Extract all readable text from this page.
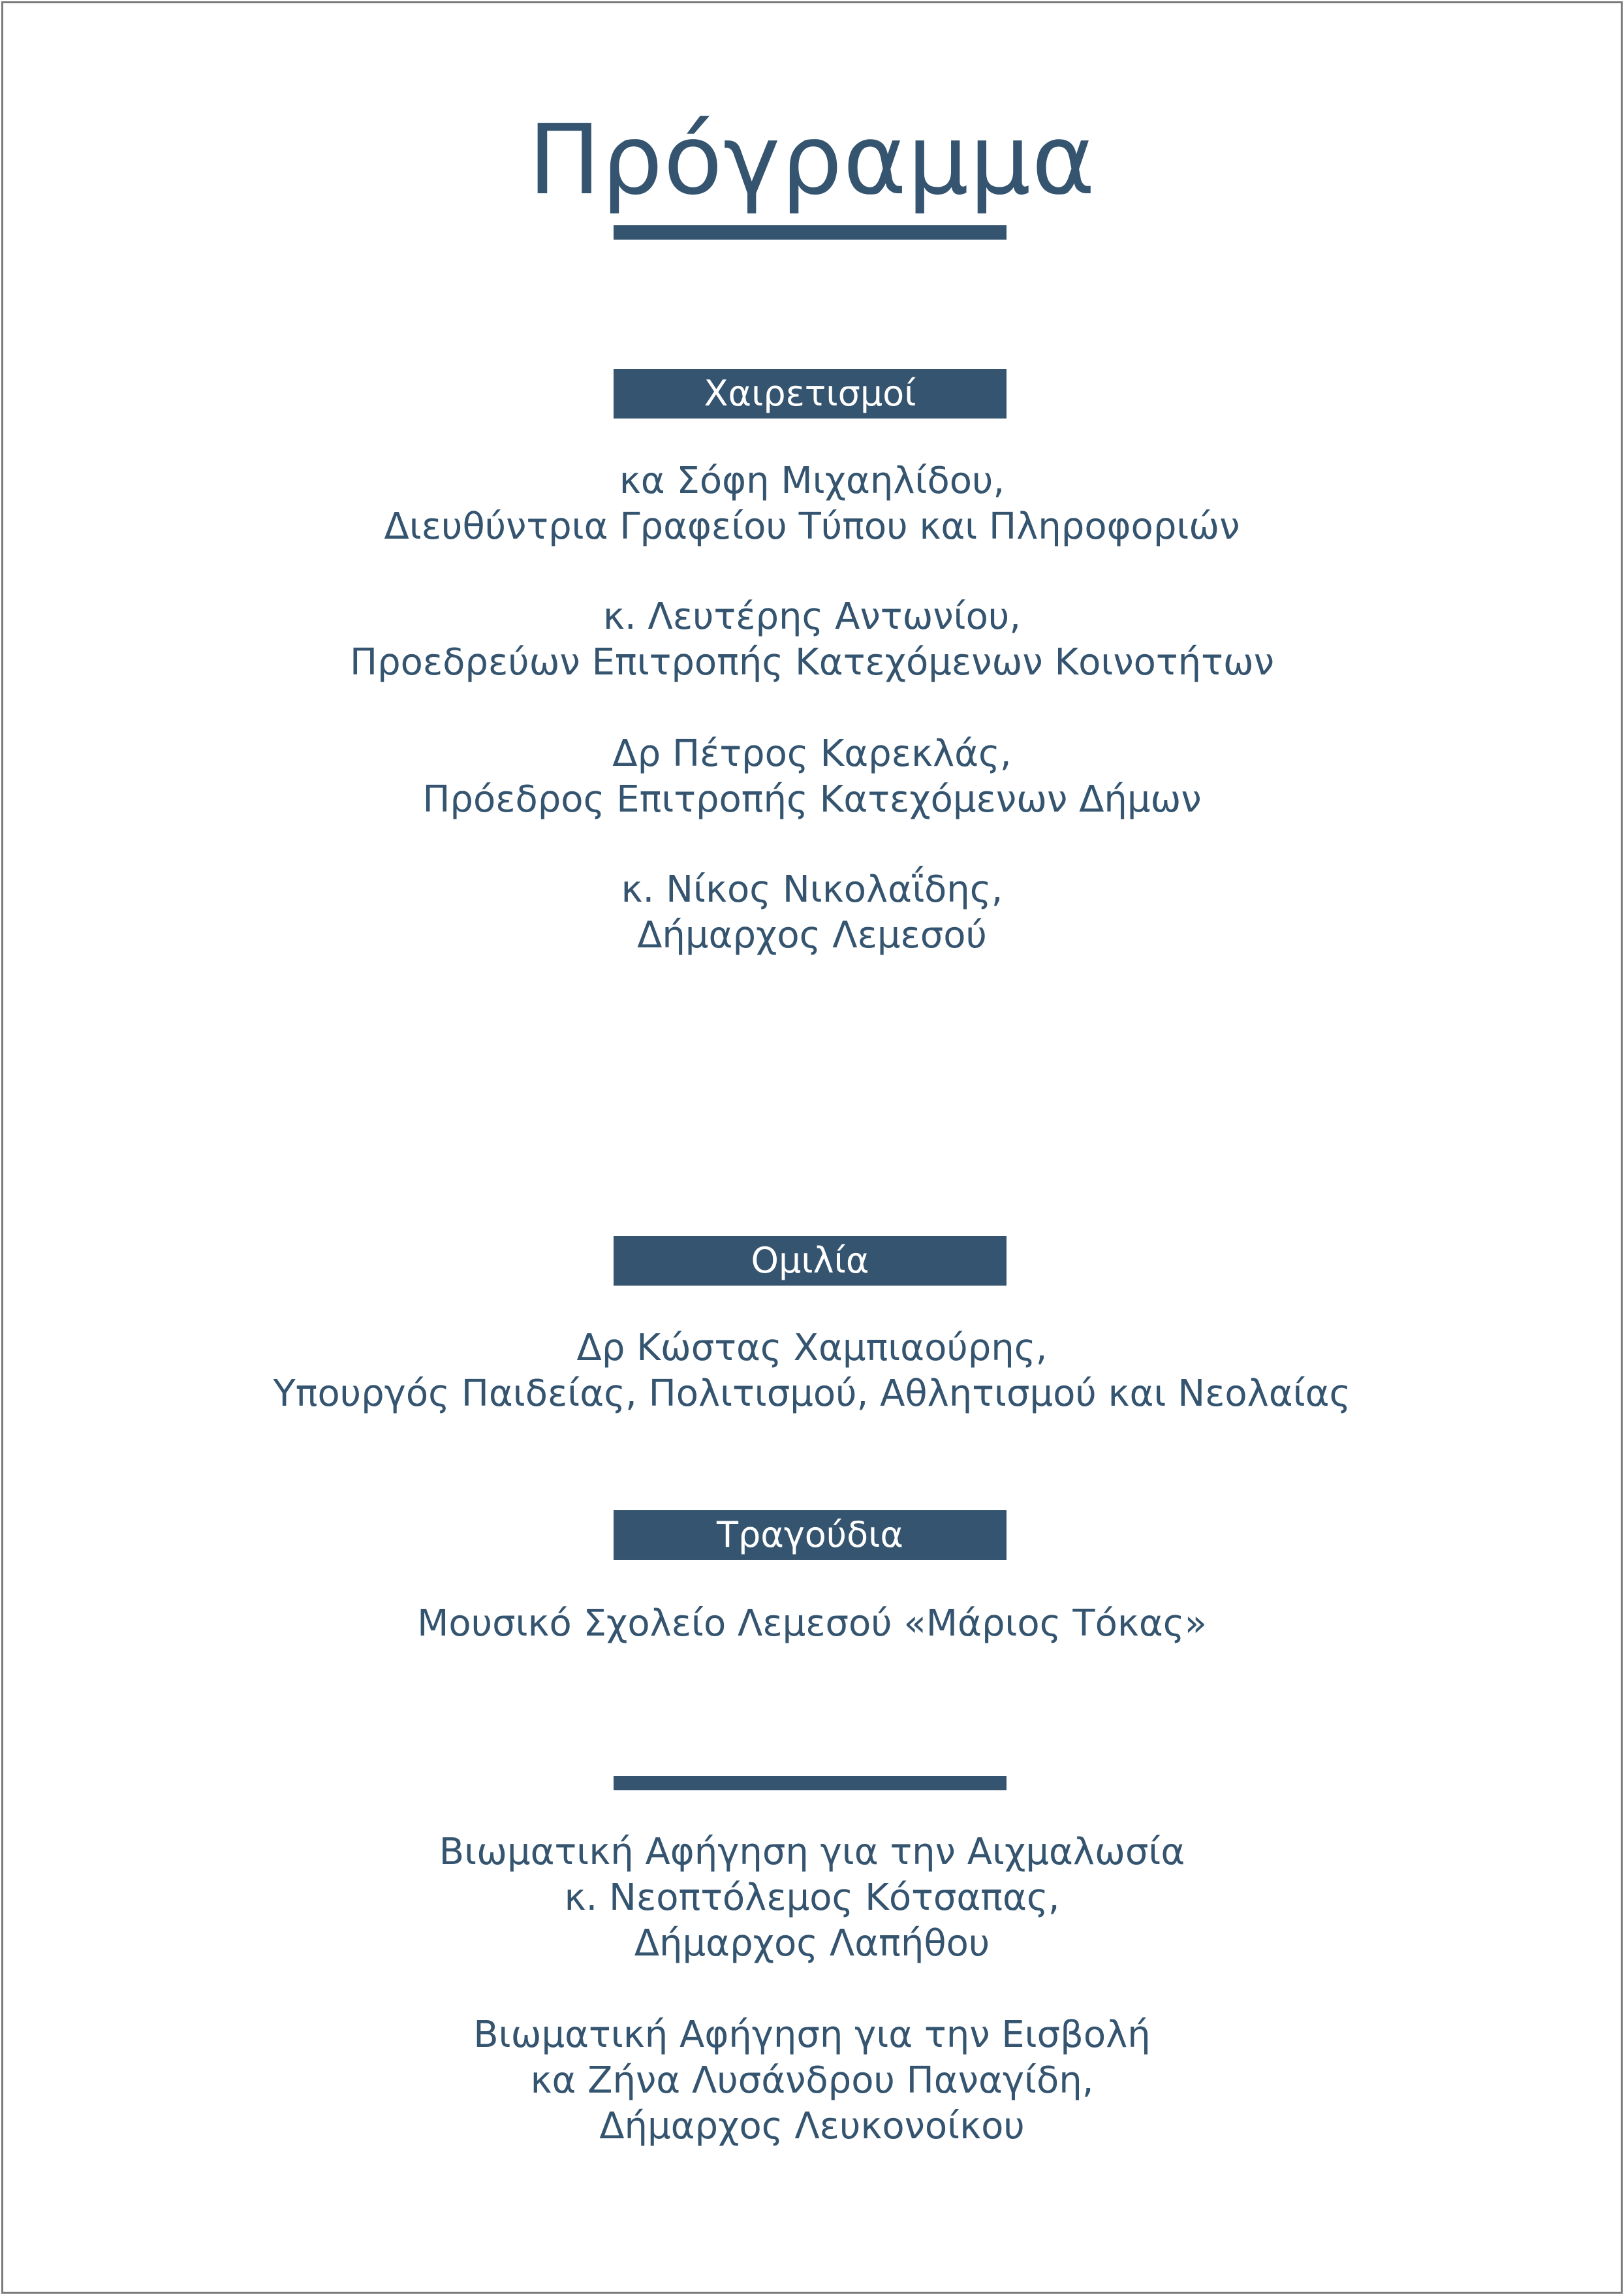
Πρόγραμμα
Χαιρετισμοί
κα Σόφη Μιχαηλίδου,
Διευθύντρια Γραφείου Τύπου και Πληροφοριών
κ. Λευτέρης Αντωνίου,
Προεδρεύων Επιτροπής Κατεχόμενων Κοινοτήτων
Δρ Πέτρος Καρεκλάς,
Πρόεδρος Επιτροπής Κατεχόμενων Δήμων
κ. Νίκος Νικολαΐδης,
Δήμαρχος Λεμεσού
Ομιλία
Δρ Κώστας Χαμπιαούρης,
Υπουργός Παιδείας, Πολιτισμού, Αθλητισμού και Νεολαίας
Τραγούδια
Μουσικό Σχολείο Λεμεσού «Μάριος Τόκας»
Βιωματική Αφήγηση για την Αιχμαλωσία
κ. Νεοπτόλεμος Κότσαπας,
Δήμαρχος Λαπήθου
Βιωματική Αφήγηση για την Εισβολή
κα Ζήνα Λυσάνδρου Παναγίδη,
Δήμαρχος Λευκονοίκου
